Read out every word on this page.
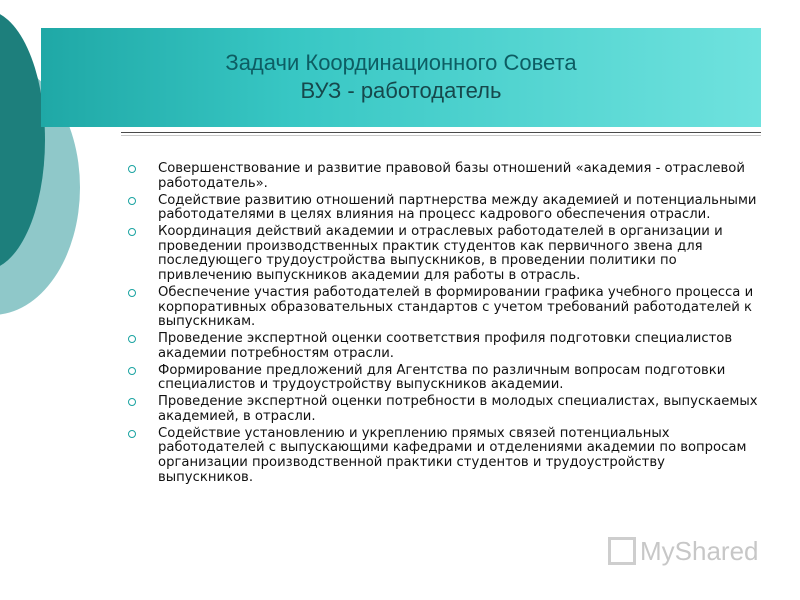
Задачи Координационного Совета
ВУЗ - работодатель
Совершенствование и развитие правовой базы отношений «академия - отраслевой работодатель».
Содействие развитию отношений партнерства между академией и потенциальными работодателями в целях влияния на процесс кадрового обеспечения отрасли.
Координация действий академии и отраслевых работодателей в организации и проведении производственных практик студентов как первичного звена для последующего трудоустройства выпускников, в проведении политики по привлечению выпускников академии для работы в отрасль.
Обеспечение участия работодателей в формировании графика учебного процесса и корпоративных образовательных стандартов с учетом требований работодателей к выпускникам.
Проведение экспертной оценки соответствия профиля подготовки специалистов академии потребностям отрасли.
Формирование предложений для Агентства по различным вопросам подготовки специалистов и трудоустройству выпускников академии.
Проведение экспертной оценки потребности в молодых специалистах, выпускаемых академией, в отрасли.
Содействие установлению и укреплению прямых связей потенциальных работодателей с выпускающими кафедрами и отделениями академии по вопросам организации производственной практики студентов и трудоустройству выпускников.
MyShared
